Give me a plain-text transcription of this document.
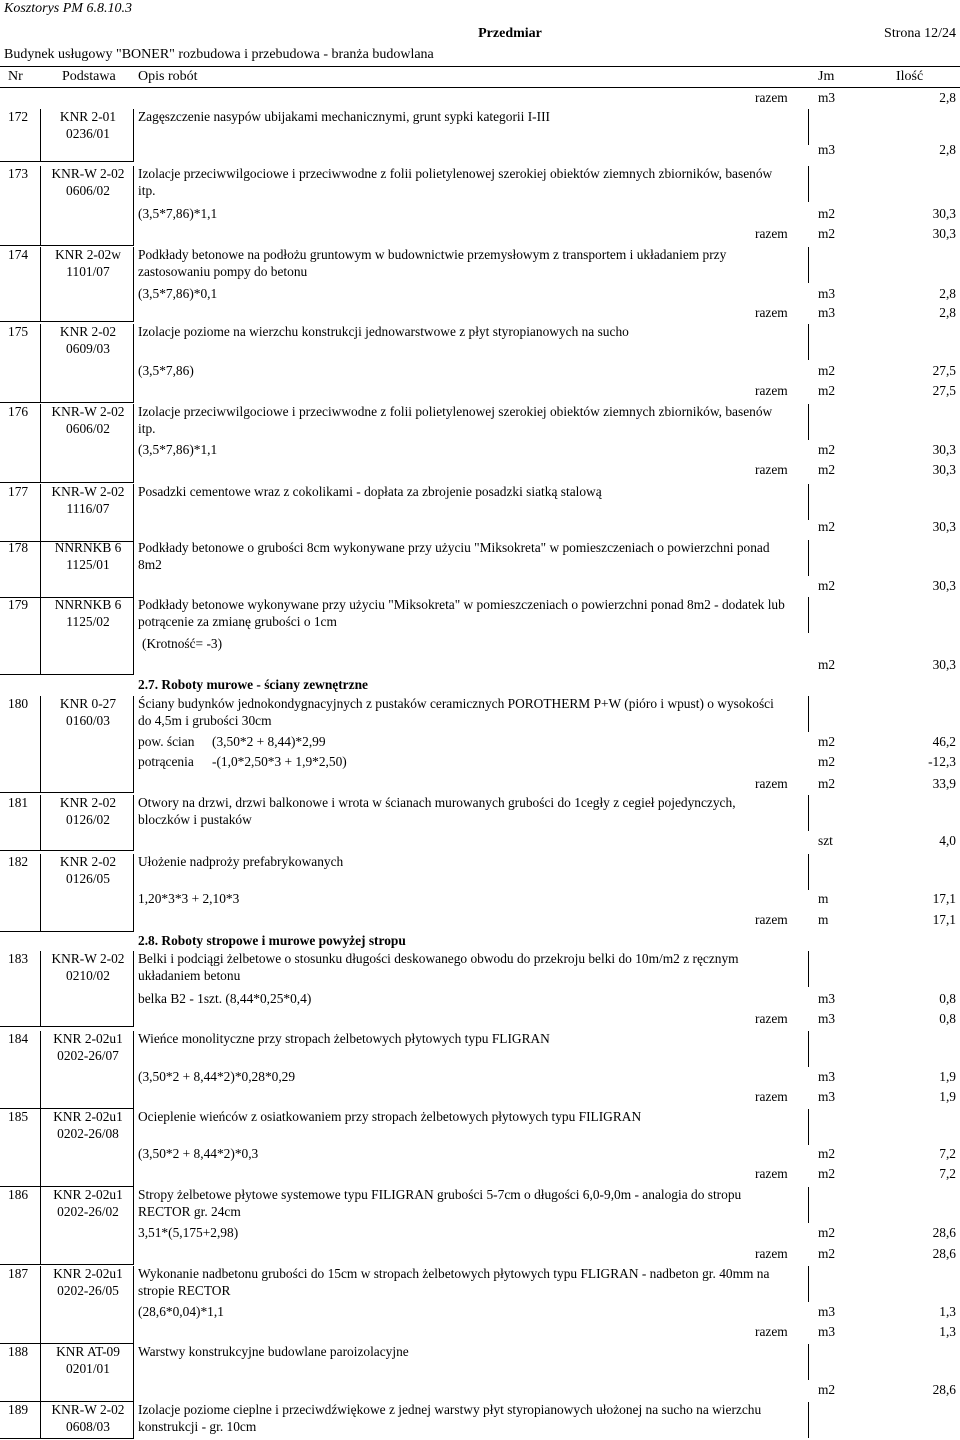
Kosztorys PM 6.8.10.3
Przedmiar	Strona 12/24
Budynek usługowy "BONER" rozbudowa i przebudowa - branża budowlana
Nr	Podstawa Opis robót	Jm	Ilość
razem m3	2,8
172	KNR 2-01 0236/01
Zagęszczenie nasypów ubijakami mechanicznymi, grunt sypki kategorii I-III
m3	2,8
173	KNR-W 2-02 0606/02
Izolacje przeciwwilgociowe i przeciwwodne z folii polietylenowej szerokiej obiektów ziemnych zbiorników, basenów itp.
(3,5*7,86)*1,1	m2	30,3
razem m2	30,3
174	KNR 2-02w 1101/07
Podkłady betonowe na podłożu gruntowym w budownictwie przemysłowym z transportem i układaniem przy zastosowaniu pompy do betonu
(3,5*7,86)*0,1	m3	2,8
razem m3	2,8
175	KNR 2-02 0609/03
Izolacje poziome na wierzchu konstrukcji jednowarstwowe z płyt styropianowych na sucho
(3,5*7,86)	m2	27,5
razem m2	27,5
176	KNR-W 2-02 0606/02
Izolacje przeciwwilgociowe i przeciwwodne z folii polietylenowej szerokiej obiektów ziemnych zbiorników, basenów itp.
(3,5*7,86)*1,1	m2	30,3
razem m2	30,3
177	KNR-W 2-02 1116/07
Posadzki cementowe wraz z cokolikami - dopłata za zbrojenie posadzki siatką stalową
m2	30,3
178	NNRNKB 6 1125/01
Podkłady betonowe o grubości 8cm wykonywane przy użyciu "Miksokreta" w pomieszczeniach o powierzchni ponad 8m2
m2	30,3
179	NNRNKB 6 1125/02
Podkłady betonowe wykonywane przy użyciu "Miksokreta" w pomieszczeniach o powierzchni ponad 8m2 - dodatek lub potrącenie za zmianę grubości o 1cm
(Krotność= -3)
m2	30,3
2.7. Roboty murowe - ściany zewnętrzne
180	KNR 0-27 0160/03
Ściany budynków jednokondygnacyjnych z pustaków ceramicznych POROTHERM P+W (pióro i wpust) o wysokości do 4,5m i grubości 30cm
pow. ścian (3,50*2 + 8,44)*2,99	m2	46,2
potrącenia -(1,0*2,50*3 + 1,9*2,50)	m2	-12,3
razem m2	33,9
181	KNR 2-02 0126/02
Otwory na drzwi, drzwi balkonowe i wrota w ścianach murowanych grubości do 1cegły z cegieł pojedynczych, bloczków i pustaków
szt	4,0
182	KNR 2-02 0126/05
Ułożenie nadproży prefabrykowanych
1,20*3*3 + 2,10*3	m	17,1
razem m	17,1
2.8. Roboty stropowe i murowe powyżej stropu
183	KNR-W 2-02 0210/02
Belki i podciągi żelbetowe o stosunku długości deskowanego obwodu do przekroju belki do 10m/m2 z ręcznym układaniem betonu
belka B2 - 1szt. (8,44*0,25*0,4)	m3	0,8
razem m3	0,8
184	KNR 2-02u1 0202-26/07
Wieńce monolityczne przy stropach żelbetowych płytowych typu FLIGRAN
(3,50*2 + 8,44*2)*0,28*0,29	m3	1,9
razem m3	1,9
185	KNR 2-02u1 0202-26/08
Ocieplenie wieńców z osiatkowaniem przy stropach żelbetowych płytowych typu FILIGRAN
(3,50*2 + 8,44*2)*0,3	m2	7,2
razem m2	7,2
186	KNR 2-02u1 0202-26/02
Stropy żelbetowe płytowe systemowe typu FILIGRAN grubości 5-7cm o długości 6,0-9,0m - analogia do stropu RECTOR gr. 24cm
3,51*(5,175+2,98)	m2	28,6
razem m2	28,6
187	KNR 2-02u1 0202-26/05
Wykonanie nadbetonu grubości do 15cm w stropach żelbetowych płytowych typu FLIGRAN - nadbeton gr. 40mm na stropie RECTOR
(28,6*0,04)*1,1	m3	1,3
razem m3	1,3
188	KNR AT-09 0201/01
Warstwy konstrukcyjne budowlane paroizolacyjne
m2	28,6
189	KNR-W 2-02 0608/03
Izolacje poziome cieplne i przeciwdźwiękowe z jednej warstwy płyt styropianowych ułożonej na sucho na wierzchu konstrukcji - gr. 10cm
